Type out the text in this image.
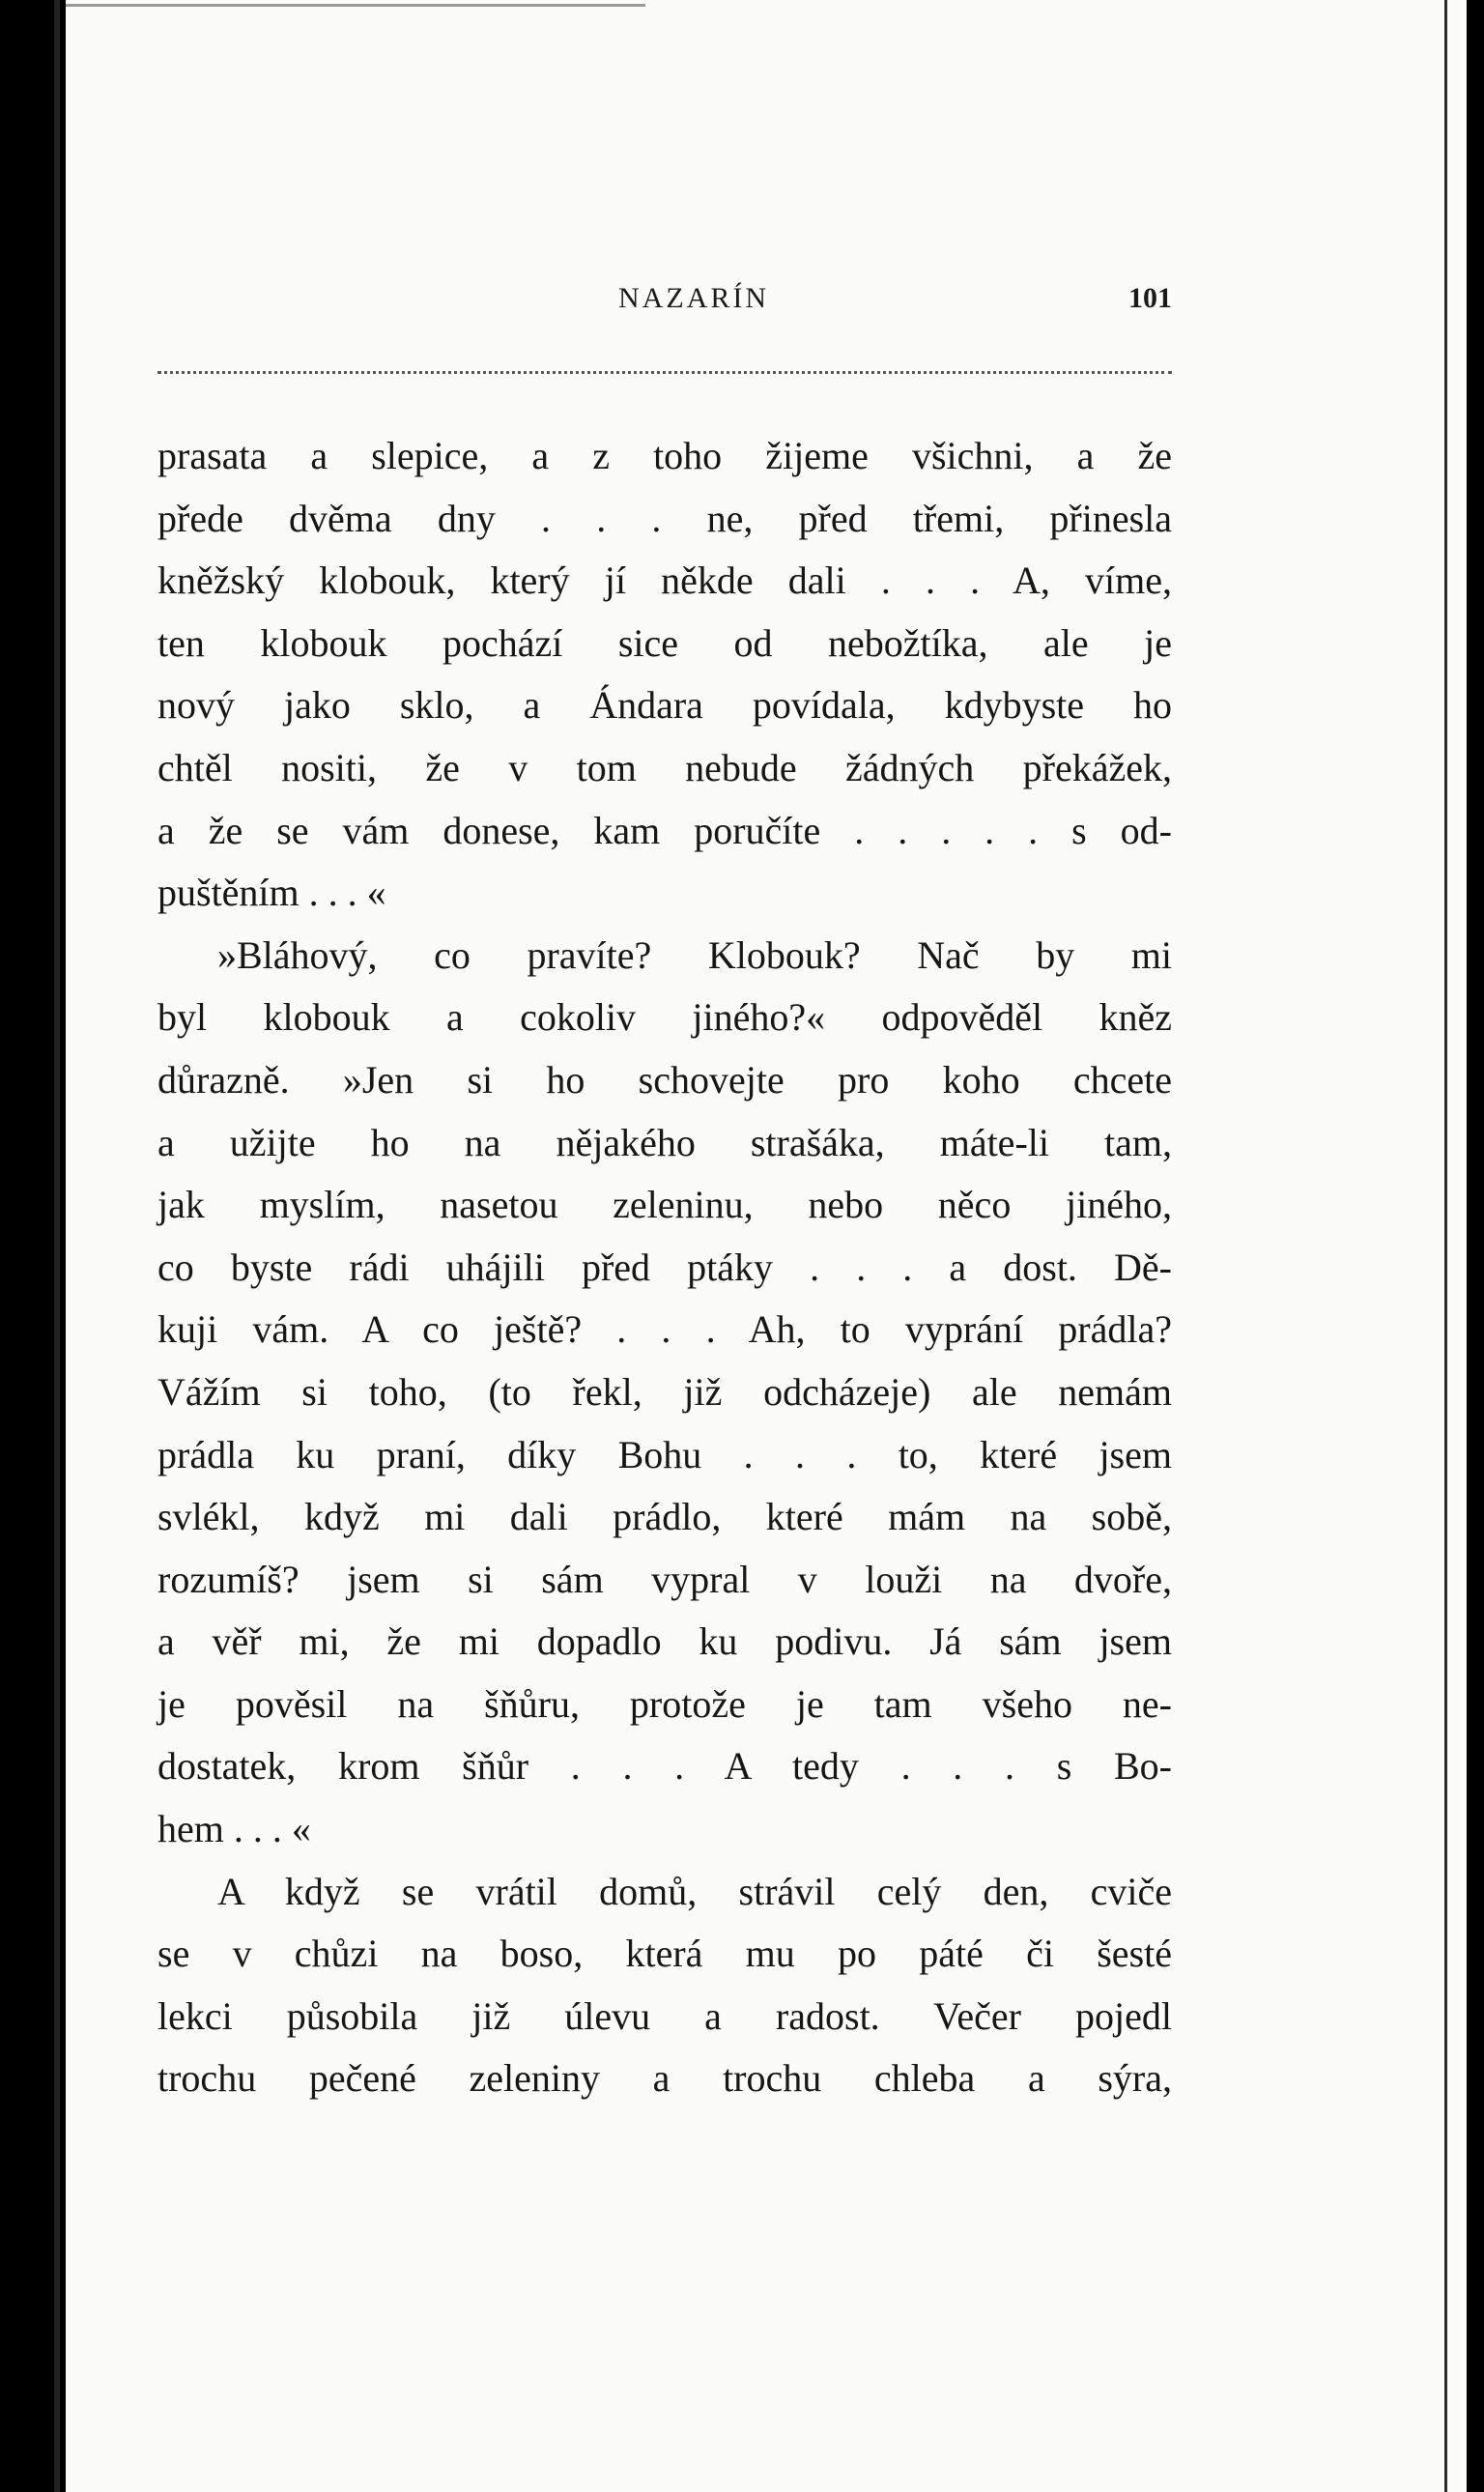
NAZARÍN	101
prasata a slepice, a z toho žijeme všichni, a že
přede dvěma dny . . . ne, před třemi, přinesla
kněžský klobouk, který jí někde dali . . . A, víme,
ten klobouk pochází sice od nebožtíka, ale je
nový jako sklo, a Ándara povídala, kdybyste ho
chtěl nositi, že v tom nebude žádných překážek,
a že se vám donese, kam poručíte . . . . . s od-
puštěním . . . «
»Bláhový, co pravíte? Klobouk? Nač by mi
byl klobouk a cokoliv jiného?« odpověděl kněz
důrazně. »Jen si ho schovejte pro koho chcete
a užijte ho na nějakého strašáka, máte-li tam,
jak myslím, nasetou zeleninu, nebo něco jiného,
co byste rádi uhájili před ptáky . . . a dost. Dě-
kuji vám. A co ještě? . . . Ah, to vyprání prádla?
Vážím si toho, (to řekl, již odcházeje) ale nemám
prádla ku praní, díky Bohu . . . to, které jsem
svlékl, když mi dali prádlo, které mám na sobě,
rozumíš? jsem si sám vypral v louži na dvoře,
a věř mi, že mi dopadlo ku podivu. Já sám jsem
je pověsil na šňůru, protože je tam všeho ne-
dostatek, krom šňůr . . . A tedy . . . s Bo-
hem . . . «
A když se vrátil domů, strávil celý den, cviče
se v chůzi na boso, která mu po páté či šesté
lekci působila již úlevu a radost. Večer pojedl
trochu pečené zeleniny a trochu chleba a sýra,
